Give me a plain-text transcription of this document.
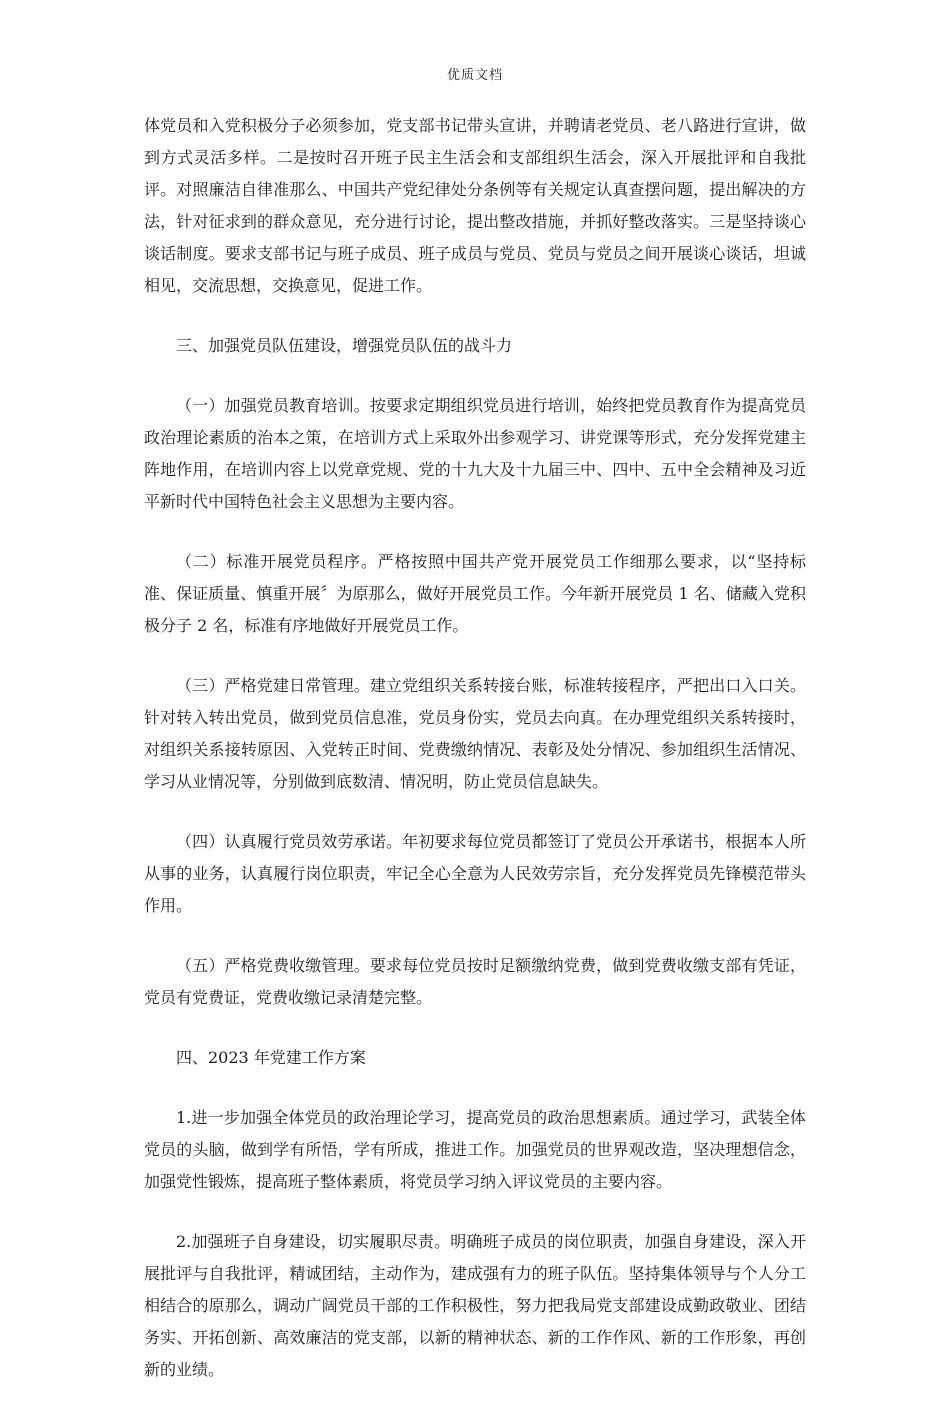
优质文档

体党员和入党积极分子必须参加，党支部书记带头宣讲，并聘请老党员、老八路进行宣讲，做到方式灵活多样。二是按时召开班子民主生活会和支部组织生活会，深入开展批评和自我批评。对照廉洁自律准那么、中国共产党纪律处分条例等有关规定认真查摆问题，提出解决的方法，针对征求到的群众意见，充分进行讨论，提出整改措施，并抓好整改落实。三是坚持谈心谈话制度。要求支部书记与班子成员、班子成员与党员、党员与党员之间开展谈心谈话，坦诚相见，交流思想，交换意见，促进工作。

三、加强党员队伍建设，增强党员队伍的战斗力

（一）加强党员教育培训。按要求定期组织党员进行培训，始终把党员教育作为提高党员政治理论素质的治本之策，在培训方式上采取外出参观学习、讲党课等形式，充分发挥党建主阵地作用，在培训内容上以党章党规、党的十九大及十九届三中、四中、五中全会精神及习近平新时代中国特色社会主义思想为主要内容。

（二）标准开展党员程序。严格按照中国共产党开展党员工作细那么要求，以“坚持标准、保证质量、慎重开展〞为原那么，做好开展党员工作。今年新开展党员 1 名、储藏入党积极分子 2 名，标准有序地做好开展党员工作。

（三）严格党建日常管理。建立党组织关系转接台账，标准转接程序，严把出口入口关。针对转入转出党员，做到党员信息准，党员身份实，党员去向真。在办理党组织关系转接时，对组织关系接转原因、入党转正时间、党费缴纳情况、表彰及处分情况、参加组织生活情况、学习从业情况等，分别做到底数清、情况明，防止党员信息缺失。

（四）认真履行党员效劳承诺。年初要求每位党员都签订了党员公开承诺书，根据本人所从事的业务，认真履行岗位职责，牢记全心全意为人民效劳宗旨，充分发挥党员先锋模范带头作用。

（五）严格党费收缴管理。要求每位党员按时足额缴纳党费，做到党费收缴支部有凭证，党员有党费证，党费收缴记录清楚完整。

四、2023 年党建工作方案

1.进一步加强全体党员的政治理论学习，提高党员的政治思想素质。通过学习，武装全体党员的头脑，做到学有所悟，学有所成，推进工作。加强党员的世界观改造，坚决理想信念，加强党性锻炼，提高班子整体素质，将党员学习纳入评议党员的主要内容。

2.加强班子自身建设，切实履职尽责。明确班子成员的岗位职责，加强自身建设，深入开展批评与自我批评，精诚团结，主动作为，建成强有力的班子队伍。坚持集体领导与个人分工相结合的原那么，调动广阔党员干部的工作积极性，努力把我局党支部建设成勤政敬业、团结务实、开拓创新、高效廉洁的党支部，以新的精神状态、新的工作作风、新的工作形象，再创新的业绩。
